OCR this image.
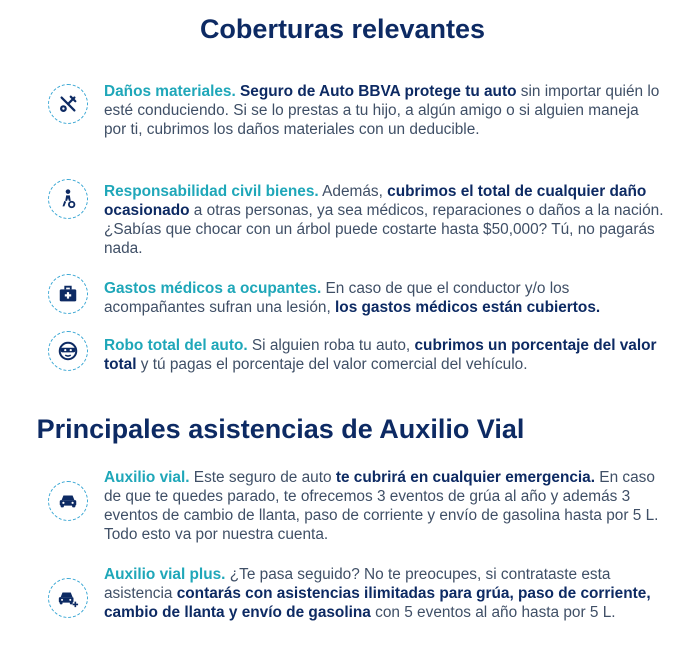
Coberturas relevantes
Daños materiales. Seguro de Auto BBVA protege tu auto sin importar quién lo esté conduciendo. Si se lo prestas a tu hijo, a algún amigo o si alguien maneja por ti, cubrimos los daños materiales con un deducible.
Responsabilidad civil bienes. Además, cubrimos el total de cualquier daño ocasionado a otras personas, ya sea médicos, reparaciones o daños a la nación. ¿Sabías que chocar con un árbol puede costarte hasta $50,000? Tú, no pagarás nada.
Gastos médicos a ocupantes. En caso de que el conductor y/o los acompañantes sufran una lesión, los gastos médicos están cubiertos.
Robo total del auto. Si alguien roba tu auto, cubrimos un porcentaje del valor total y tú pagas el porcentaje del valor comercial del vehículo.
Principales asistencias de Auxilio Vial
Auxilio vial. Este seguro de auto te cubrirá en cualquier emergencia. En caso de que te quedes parado, te ofrecemos 3 eventos de grúa al año y además 3 eventos de cambio de llanta, paso de corriente y envío de gasolina hasta por 5 L. Todo esto va por nuestra cuenta.
Auxilio vial plus. ¿Te pasa seguido? No te preocupes, si contrataste esta asistencia contarás con asistencias ilimitadas para grúa, paso de corriente, cambio de llanta y envío de gasolina con 5 eventos al año hasta por 5 L.
